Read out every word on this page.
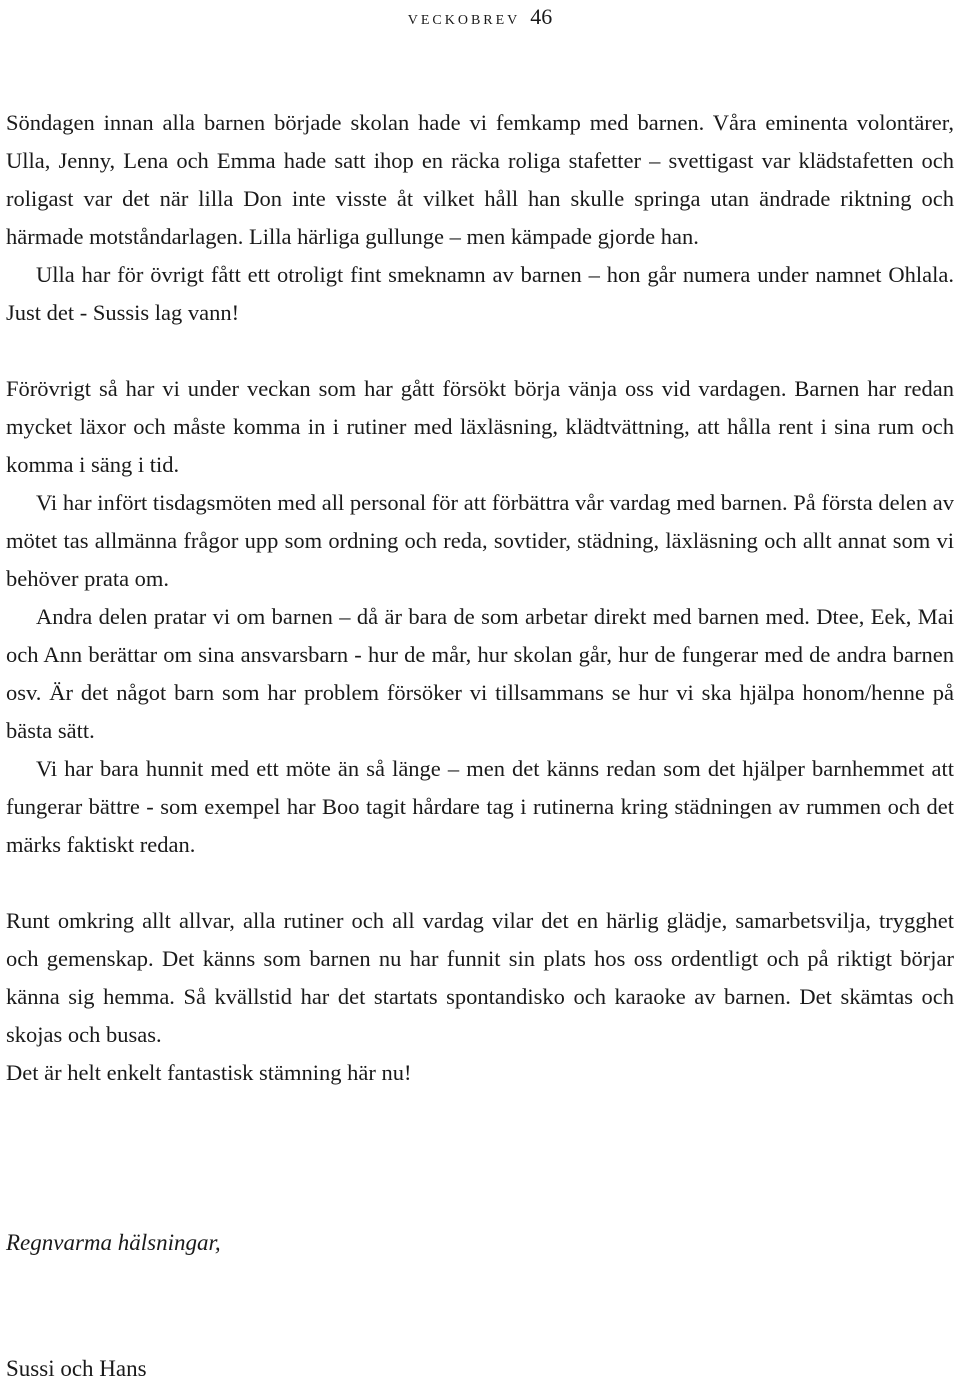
veckobrev 46

Söndagen innan alla barnen började skolan hade vi femkamp med barnen. Våra eminenta volontärer, Ulla, Jenny, Lena och Emma hade satt ihop en räcka roliga stafetter – svettigast var klädstafetten och roligast var det när lilla Don inte visste åt vilket håll han skulle springa utan ändrade riktning och härmade motståndarlagen. Lilla härliga gullunge – men kämpade gjorde han.

Ulla har för övrigt fått ett otroligt fint smeknamn av barnen – hon går numera under namnet Ohlala. Just det - Sussis lag vann!

Förövrigt så har vi under veckan som har gått försökt börja vänja oss vid vardagen. Barnen har redan mycket läxor och måste komma in i rutiner med läxläsning, klädtvättning, att hålla rent i sina rum och komma i säng i tid.

Vi har infört tisdagsmöten med all personal för att förbättra vår vardag med barnen. På första delen av mötet tas allmänna frågor upp som ordning och reda, sovtider, städning, läxläsning och allt annat som vi behöver prata om.

Andra delen pratar vi om barnen – då är bara de som arbetar direkt med barnen med. Dtee, Eek, Mai och Ann berättar om sina ansvarsbarn - hur de mår, hur skolan går, hur de fungerar med de andra barnen osv. Är det något barn som har problem försöker vi tillsammans se hur vi ska hjälpa honom/henne på bästa sätt.

Vi har bara hunnit med ett möte än så länge – men det känns redan som det hjälper barnhemmet att fungerar bättre - som exempel har Boo tagit hårdare tag i rutinerna kring städningen av rummen och det märks faktiskt redan.

Runt omkring allt allvar, alla rutiner och all vardag vilar det en härlig glädje, samarbetsvilja, trygghet och gemenskap. Det känns som barnen nu har funnit sin plats hos oss ordentligt och på riktigt börjar känna sig hemma. Så kvällstid har det startats spontandisko och karaoke av barnen. Det skämtas och skojas och busas.

Det är helt enkelt fantastisk stämning här nu!

Regnvarma hälsningar,
Sussi och Hans
